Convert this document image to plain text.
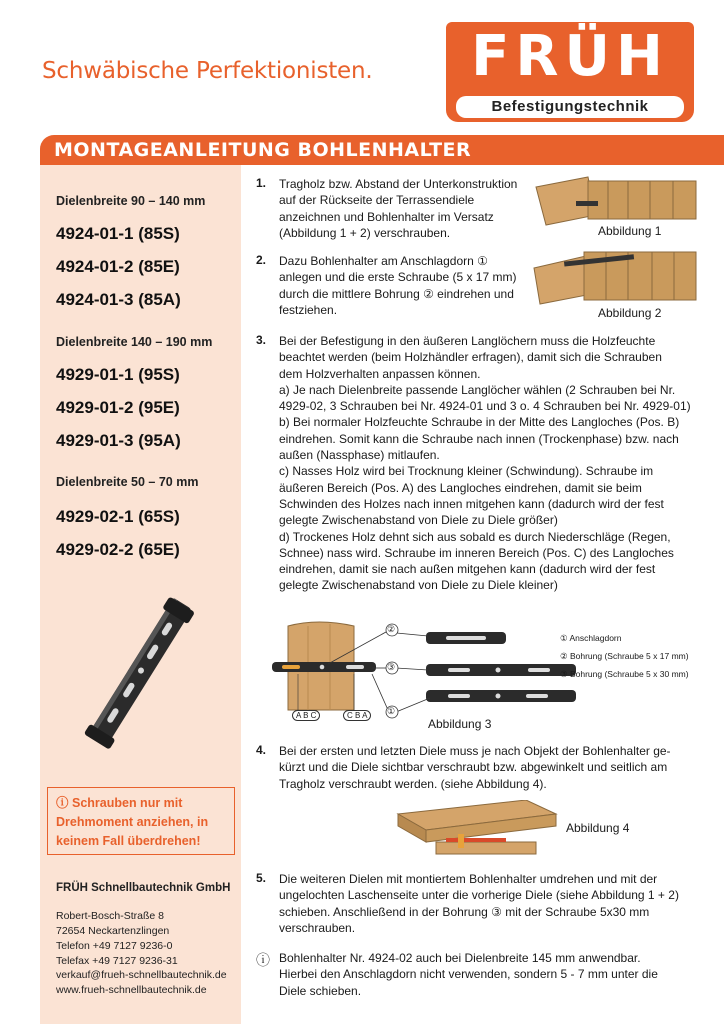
Schwäbische Perfektionisten.	FRÜH
Befestigungstechnik
MONTAGEANLEITUNG BOHLENHALTER
Dielenbreite 90 – 140 mm
4924-01-1 (85S)
4924-01-2 (85E)
4924-01-3 (85A)
Dielenbreite 140 – 190 mm
4929-01-1 (95S)
4929-01-2 (95E)
4929-01-3 (95A)
Dielenbreite 50 – 70 mm
4929-02-1 (65S)
4929-02-2 (65E)
ⓘ Schrauben nur mit Drehmoment anziehen, in keinem Fall überdrehen!
FRÜH Schnellbautechnik GmbH
Robert-Bosch-Straße 8
72654 Neckartenzlingen
Telefon +49 7127 9236-0
Telefax +49 7127 9236-31
verkauf@frueh-schnellbautechnik.de
www.frueh-schnellbautechnik.de
1. Tragholz bzw. Abstand der Unterkonstruktion
auf der Rückseite der Terrassendiele
anzeichnen und Bohlenhalter im Versatz
(Abbildung 1 + 2) verschrauben.	Abbildung 1
2. Dazu Bohlenhalter am Anschlagdorn ①
anlegen und die erste Schraube (5 x 17 mm)
durch die mittlere Bohrung ② eindrehen und
festziehen.	Abbildung 2
3. Bei der Befestigung in den äußeren Langlöchern muss die Holzfeuchte
beachtet werden (beim Holzhändler erfragen), damit sich die Schrauben
dem Holzverhalten anpassen können.
a) Je nach Dielenbreite passende Langlöcher wählen (2 Schrauben bei Nr.
4929-02, 3 Schrauben bei Nr. 4924-01 und 3 o. 4 Schrauben bei Nr. 4929-01)
b) Bei normaler Holzfeuchte Schraube in der Mitte des Langloches (Pos. B)
eindrehen. Somit kann die Schraube nach innen (Trockenphase) bzw. nach
außen (Nassphase) mitlaufen.
c) Nasses Holz wird bei Trocknung kleiner (Schwindung). Schraube im
äußeren Bereich (Pos. A) des Langloches eindrehen, damit sie beim
Schwinden des Holzes nach innen mitgehen kann (dadurch wird der fest
gelegte Zwischenabstand von Diele zu Diele größer)
d) Trockenes Holz dehnt sich aus sobald es durch Niederschläge (Regen,
Schnee) nass wird. Schraube im inneren Bereich (Pos. C) des Langloches
eindrehen, damit sie nach außen mitgehen kann (dadurch wird der fest
gelegte Zwischenabstand von Diele zu Diele kleiner)
②
③
①
A B C	C B A
① Anschlagdorn
② Bohrung (Schraube 5 x 17 mm)
③ Bohrung (Schraube 5 x 30 mm)
Abbildung 3
4. Bei der ersten und letzten Diele muss je nach Objekt der Bohlenhalter ge-
kürzt und die Diele sichtbar verschraubt bzw. abgewinkelt und seitlich am
Tragholz verschraubt werden. (siehe Abbildung 4).
Abbildung 4
5. Die weiteren Dielen mit montiertem Bohlenhalter umdrehen und mit der
ungelochten Laschenseite unter die vorherige Diele (siehe Abbildung 1 + 2)
schieben. Anschließend in der Bohrung ③ mit der Schraube 5x30 mm
verschrauben.
ⓘ Bohlenhalter Nr. 4924-02 auch bei Dielenbreite 145 mm anwendbar.
Hierbei den Anschlagdorn nicht verwenden, sondern 5 - 7 mm unter die
Diele schieben.
